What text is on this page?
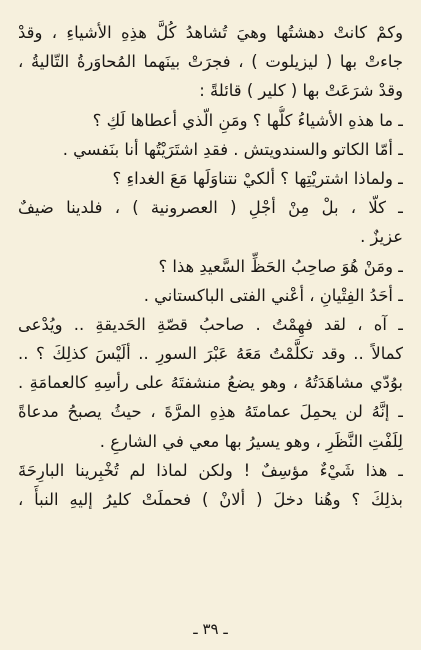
وكمْ كانتْ دهشتُها وهيَ تُشاهدُ كُلَّ هذِهِ الأشياءِ ، وقدْ
جاءتْ بها ( ليزيلوت ) ، فجرَتْ بينَهما المُحاوَرةُ التّاليةُ ،
وقدْ شرَعَتْ بها ( كلير ) قائلةً :
ـ ما هذهِ الأشياءُ كلُّها ؟ ومَنِ الّذي أعطاها لَكِ ؟
ـ أمّا الكاتو والسندويتش . فقدِ اشتَرَيْتُها أنا بنَفسي .
ـ ولماذا اشتريْتِها ؟ ألكيْ نتناوَلَها مَعَ الغداءِ ؟
ـ كلّا ، بلْ مِنْ أجْلِ ( العصرونية ) ، فلدينا ضيفٌ
عزيزٌ .
ـ ومَنْ هُوَ صاحِبُ الحَظِّ السَّعيدِ هذا ؟
ـ أحَدُ الفِتْيانِ ، أعْني الفتى الباكستاني .
ـ آه ، لقد فهِمْتُ . صاحبُ قصّةِ الحَديقةِ .. ويُدْعى
كمالاً .. وقد تكلَّمْتُ مَعَهُ عَبْرَ السورِ .. ألَيْسَ كذلِكَ ؟ ..
بوُدّي مشاهَدَتُهُ ، وهو يضعُ منشفتَهُ على رأسِهِ كالعمامَةِ .
ـ إنَّهُ لن يحمِلَ عمامتَهُ هذِهِ المرَّةَ ، حيثُ يصبحُ مدعاةً
لِلَفْتِ النَّظَرِ ، وهو يسيرُ بها معي في الشارعِ .
ـ هذا شَيْءٌ مؤسِفٌ ! ولكن لماذا لم تُخْبِرينا البارِحَةَ
بذلِكَ ؟ وهُنا دخلَ ( ألانْ ) فحملَتْ كليرُ إليهِ النبأَ ،
ـ ٣٩ ـ
